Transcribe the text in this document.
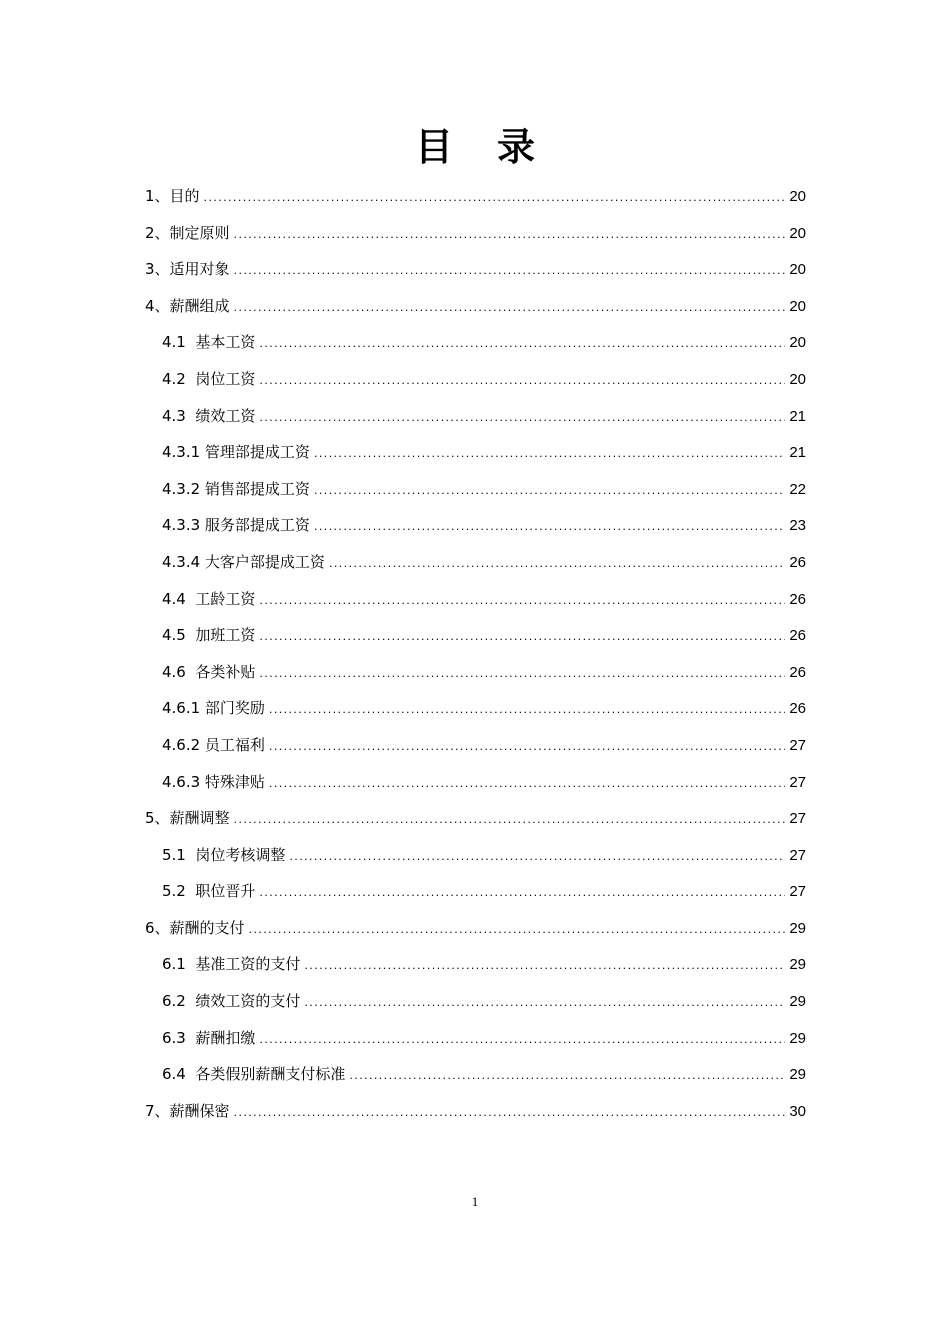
目录
1、目的 .....	20
2、制定原则 .....	20
3、适用对象 .....	20
4、薪酬组成 .....	20
4.1  基本工资 .....	20
4.2  岗位工资 .....	20
4.3  绩效工资 .....	21
4.3.1 管理部提成工资 .....	21
4.3.2 销售部提成工资 .....	22
4.3.3 服务部提成工资 .....	23
4.3.4 大客户部提成工资 .....	26
4.4  工龄工资 .....	26
4.5  加班工资 .....	26
4.6  各类补贴 .....	26
4.6.1 部门奖励 .....	26
4.6.2 员工福利 .....	27
4.6.3 特殊津贴 .....	27
5、薪酬调整 .....	27
5.1  岗位考核调整 .....	27
5.2  职位晋升 .....	27
6、薪酬的支付 .....	29
6.1  基准工资的支付 .....	29
6.2  绩效工资的支付 .....	29
6.3  薪酬扣缴 .....	29
6.4  各类假别薪酬支付标准 .....	29
7、薪酬保密 .....	30
1
